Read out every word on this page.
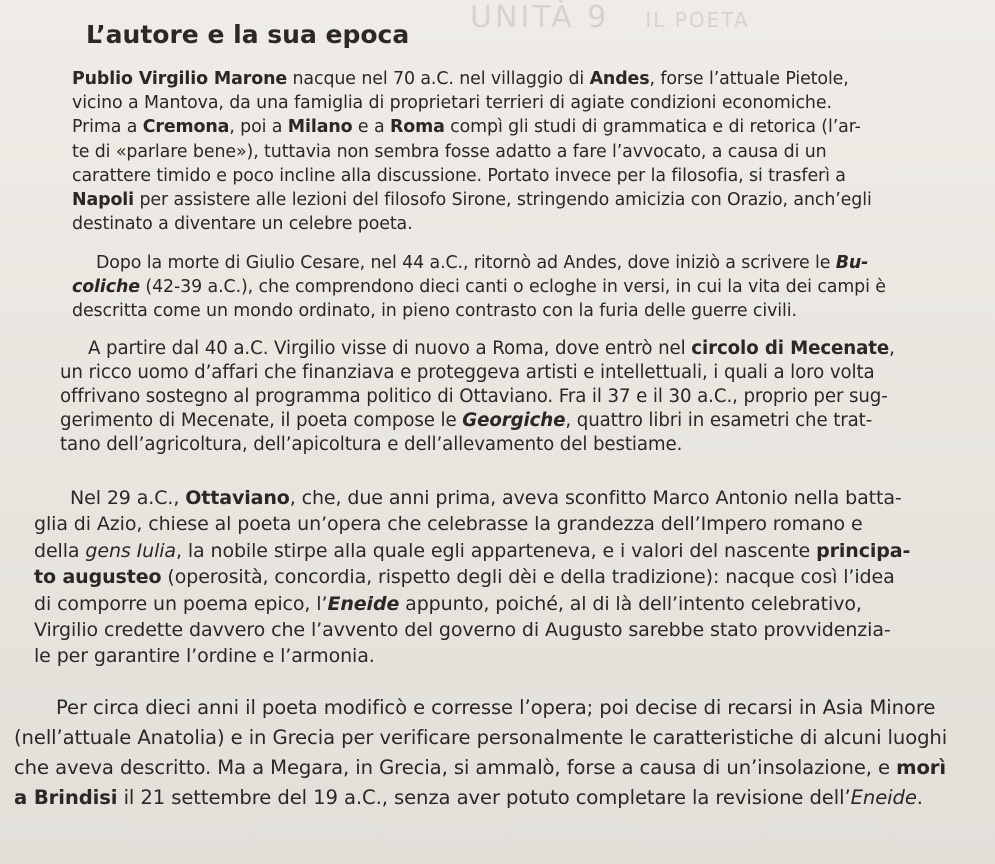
UNITÀ 9 IL POETA
L’autore e la sua epoca

Publio Virgilio Marone nacque nel 70 a.C. nel villaggio di Andes, forse l’attuale Pietole,
vicino a Mantova, da una famiglia di proprietari terrieri di agiate condizioni economiche.
Prima a Cremona, poi a Milano e a Roma compì gli studi di grammatica e di retorica (l’ar-
te di «parlare bene»), tuttavia non sembra fosse adatto a fare l’avvocato, a causa di un
carattere timido e poco incline alla discussione. Portato invece per la filosofia, si trasferì a
Napoli per assistere alle lezioni del filosofo Sirone, stringendo amicizia con Orazio, anch’egli
destinato a diventare un celebre poeta.

Dopo la morte di Giulio Cesare, nel 44 a.C., ritornò ad Andes, dove iniziò a scrivere le Bu-
coliche (42-39 a.C.), che comprendono dieci canti o ecloghe in versi, in cui la vita dei campi è
descritta come un mondo ordinato, in pieno contrasto con la furia delle guerre civili.

A partire dal 40 a.C. Virgilio visse di nuovo a Roma, dove entrò nel circolo di Mecenate,
un ricco uomo d’affari che finanziava e proteggeva artisti e intellettuali, i quali a loro volta
offrivano sostegno al programma politico di Ottaviano. Fra il 37 e il 30 a.C., proprio per sug-
gerimento di Mecenate, il poeta compose le Georgiche, quattro libri in esametri che trat-
tano dell’agricoltura, dell’apicoltura e dell’allevamento del bestiame.

Nel 29 a.C., Ottaviano, che, due anni prima, aveva sconfitto Marco Antonio nella batta-
glia di Azio, chiese al poeta un’opera che celebrasse la grandezza dell’Impero romano e
della gens Iulia, la nobile stirpe alla quale egli apparteneva, e i valori del nascente principa-
to augusteo (operosità, concordia, rispetto degli dèi e della tradizione): nacque così l’idea
di comporre un poema epico, l’Eneide appunto, poiché, al di là dell’intento celebrativo,
Virgilio credette davvero che l’avvento del governo di Augusto sarebbe stato provvidenzia-
le per garantire l’ordine e l’armonia.

Per circa dieci anni il poeta modificò e corresse l’opera; poi decise di recarsi in Asia Minore
(nell’attuale Anatolia) e in Grecia per verificare personalmente le caratteristiche di alcuni luoghi
che aveva descritto. Ma a Megara, in Grecia, si ammalò, forse a causa di un’insolazione, e morì
a Brindisi il 21 settembre del 19 a.C., senza aver potuto completare la revisione dell’Eneide.
